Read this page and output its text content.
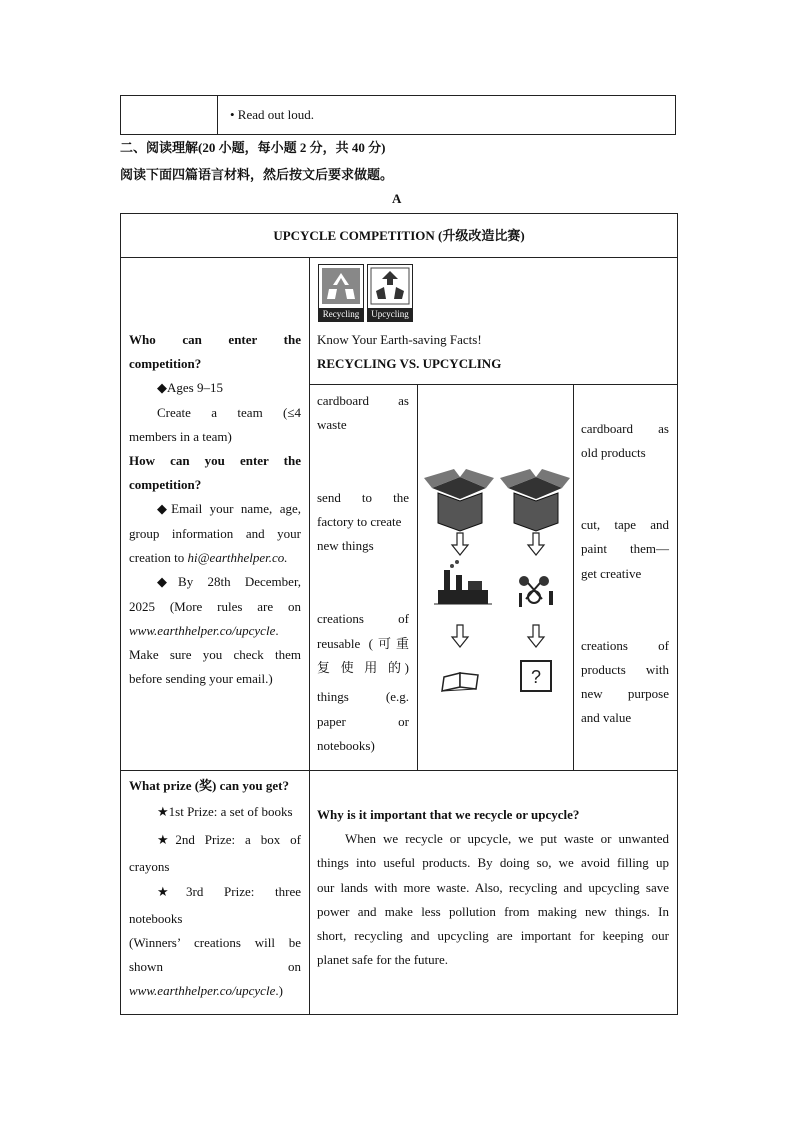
	• Read out loud.
二、阅读理解(20 小题，每小题 2 分，共 40 分)
阅读下面四篇语言材料，然后按文后要求做题。
A
UPCYCLE COMPETITION (升级改造比赛)
Who can enter the
competition?
◆Ages 9–15
Create a team (≤4
members in a team)
How can you enter the
competition?
◆Email your name, age,
group information and your
creation to hi@earthhelper.co.
◆By 28th December,
2025 (More rules are on
www.earthhelper.co/upcycle.
Make sure you check them
before sending your email.)
Recycling	Upcycling
Know Your Earth-saving Facts!
RECYCLING VS. UPCYCLING
cardboard as
waste
send to the
factory to create
new things
creations of
reusable (可重
复 使 用 的)
things (e.g.
paper or
notebooks)
?
cardboard as
old products
cut, tape and
paint them—
get creative
creations of
products with
new purpose
and value
What prize (奖) can you get?
★1st Prize: a set of books
★2nd Prize: a box of
crayons
★3rd Prize: three
notebooks
(Winners’ creations will be
shown on
www.earthhelper.co/upcycle.)
Why is it important that we recycle or upcycle?
When we recycle or upcycle, we put waste or unwanted
things into useful products. By doing so, we avoid filling up
our lands with more waste. Also, recycling and upcycling save
power and make less pollution from making new things. In
short, recycling and upcycling are important for keeping our
planet safe for the future.
